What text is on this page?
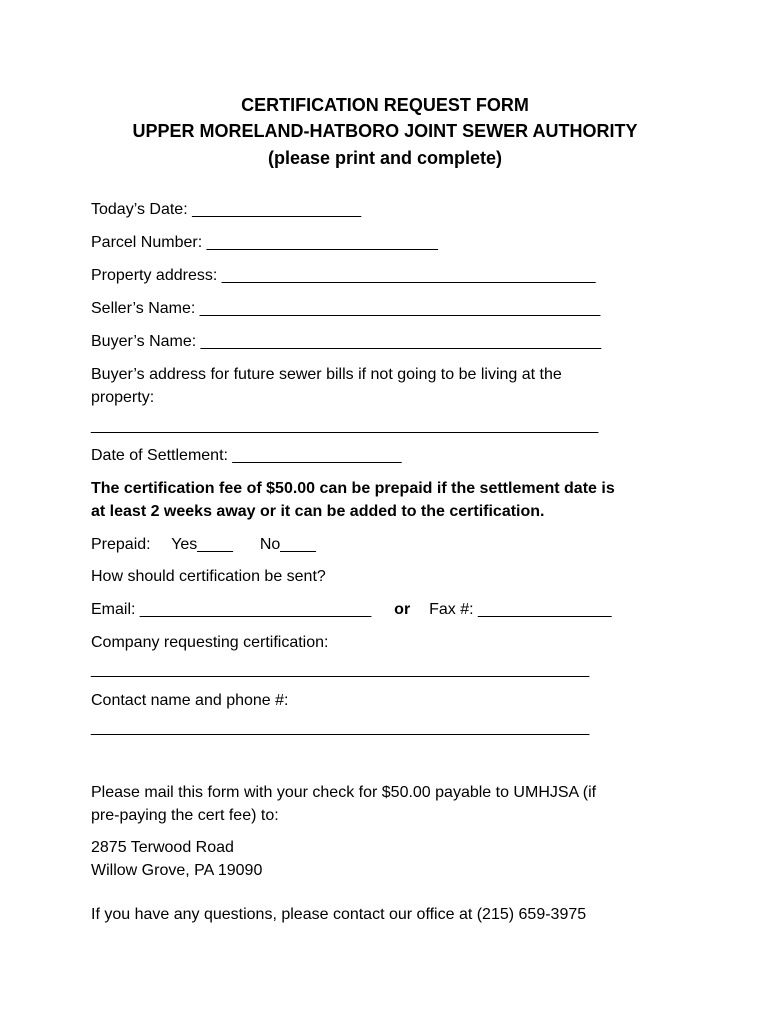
CERTIFICATION REQUEST FORM
UPPER MORELAND-HATBORO JOINT SEWER AUTHORITY
(please print and complete)
Today’s Date: ___________________
Parcel Number: __________________________
Property address: __________________________________________
Seller’s Name: _____________________________________________
Buyer’s Name: _____________________________________________
Buyer’s address for future sewer bills if not going to be living at the
property:
_________________________________________________________
Date of Settlement: ___________________
The certification fee of $50.00 can be prepaid if the settlement date is
at least 2 weeks away or it can be added to the certification.
Prepaid: Yes____ No____
How should certification be sent?
Email: __________________________ or Fax #: _______________
Company requesting certification:
________________________________________________________
Contact name and phone #:
________________________________________________________
Please mail this form with your check for $50.00 payable to UMHJSA (if
pre-paying the cert fee) to:
2875 Terwood Road
Willow Grove, PA 19090
If you have any questions, please contact our office at (215) 659-3975
